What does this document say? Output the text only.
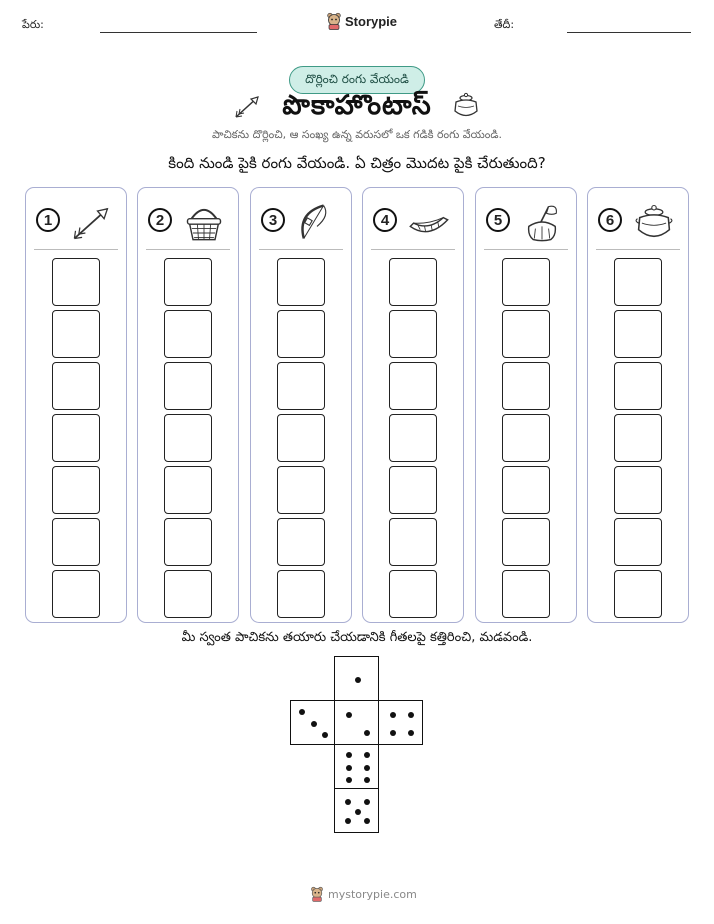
పేరు:	Storypie	తేదీ:
దొర్లించి రంగు వేయండి
పొకాహొంటాస్
పాచికను దొర్లించి, ఆ సంఖ్య ఉన్న వరుసలో ఒక గడికి రంగు వేయండి.
కింది నుండి పైకి రంగు వేయండి. ఏ చిత్రం మొదట పైకి చేరుతుంది?
1	2	3	4	5	6
మీ స్వంత పాచికను తయారు చేయడానికి గీతలపై కత్తిరించి, మడవండి.
mystorypie.com
